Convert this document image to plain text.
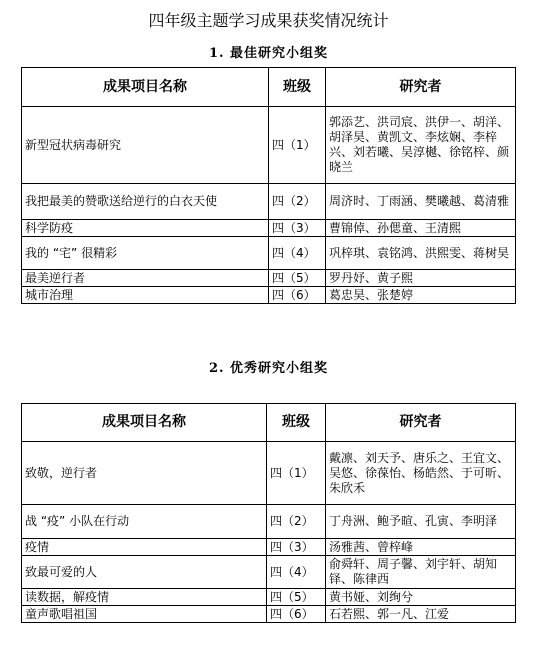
四年级主题学习成果获奖情况统计
1. 最佳研究小组奖
成果项目名称	班级	研究者
新型冠状病毒研究	四（1）	郭添艺、洪司宸、洪伊一、胡洋、胡泽昊、黄凯文、李炫娴、李梓兴、刘若曦、吴淳樾、徐铭梓、颜晓兰
我把最美的赞歌送给逆行的白衣天使	四（2）	周济时、丁雨涵、樊曦越、葛清雅
科学防疫	四（3）	曹锦倬、孙偲童、王清熙
我的 “宅” 很精彩	四（4）	巩梓琪、袁铭鸿、洪熙雯、蒋树昊
最美逆行者	四（5）	罗丹妤、黄子熙
城市治理	四（6）	葛忠昊、张楚婷
2. 优秀研究小组奖
成果项目名称	班级	研究者
致敬，逆行者	四（1）	戴凛、刘天予、唐乐之、王宜文、吴悠、徐葆怡、杨皓然、于可昕、朱欣禾
战 “疫” 小队在行动	四（2）	丁舟洲、鲍予暄、孔寅、李明泽
疫情	四（3）	汤雅茜、曾梓峰
致最可爱的人	四（4）	俞舜轩、周子馨、刘宇轩、胡知铎、陈律西
读数据，解疫情	四（5）	黄书娅、刘绚兮
童声歌唱祖国	四（6）	石若熙、郭一凡、江爱
